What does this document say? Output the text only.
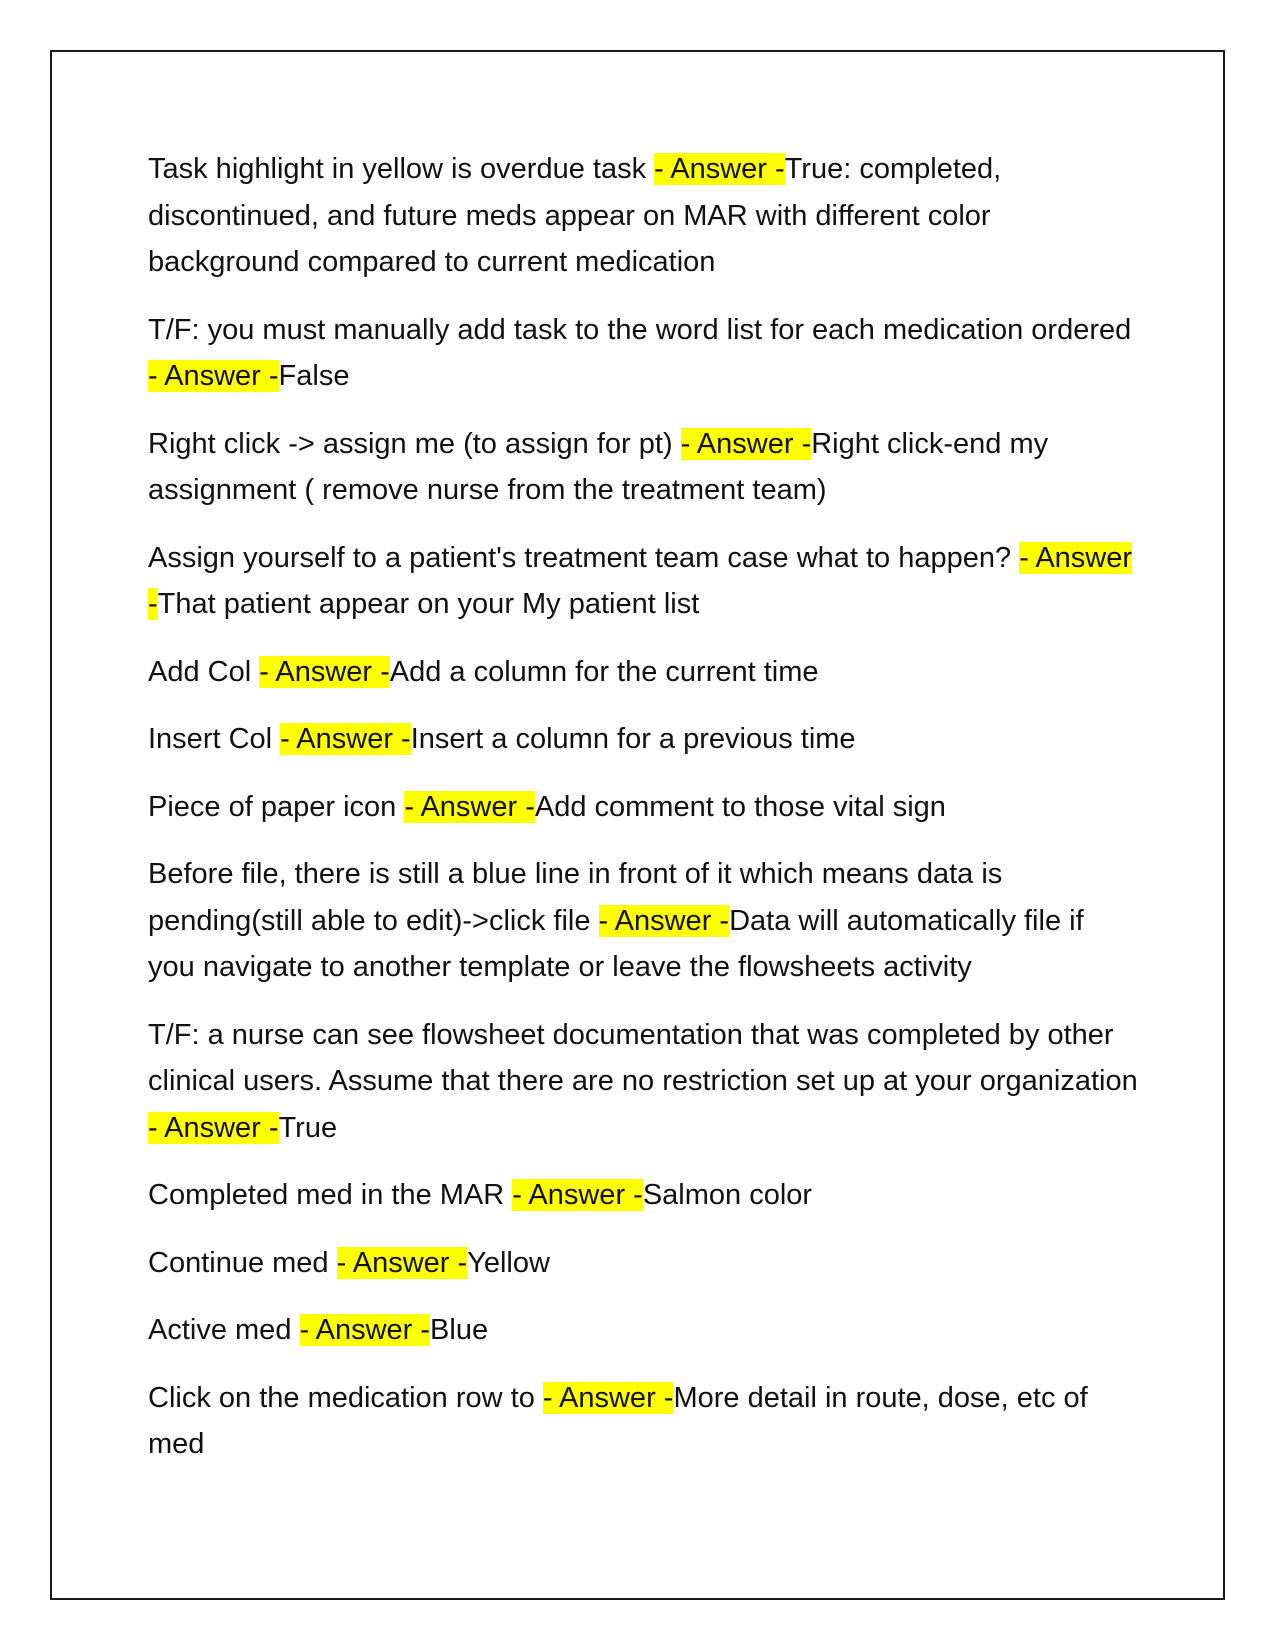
Task highlight in yellow is overdue task - Answer -True: completed, discontinued, and future meds appear on MAR with different color background compared to current medication

T/F: you must manually add task to the word list for each medication ordered - Answer -False

Right click -> assign me (to assign for pt) - Answer -Right click-end my assignment ( remove nurse from the treatment team)

Assign yourself to a patient's treatment team case what to happen? - Answer -That patient appear on your My patient list

Add Col - Answer -Add a column for the current time

Insert Col - Answer -Insert a column for a previous time

Piece of paper icon - Answer -Add comment to those vital sign

Before file, there is still a blue line in front of it which means data is pending(still able to edit)->click file - Answer -Data will automatically file if you navigate to another template or leave the flowsheets activity

T/F: a nurse can see flowsheet documentation that was completed by other clinical users. Assume that there are no restriction set up at your organization - Answer -True

Completed med in the MAR - Answer -Salmon color

Continue med - Answer -Yellow

Active med - Answer -Blue

Click on the medication row to - Answer -More detail in route, dose, etc of med
